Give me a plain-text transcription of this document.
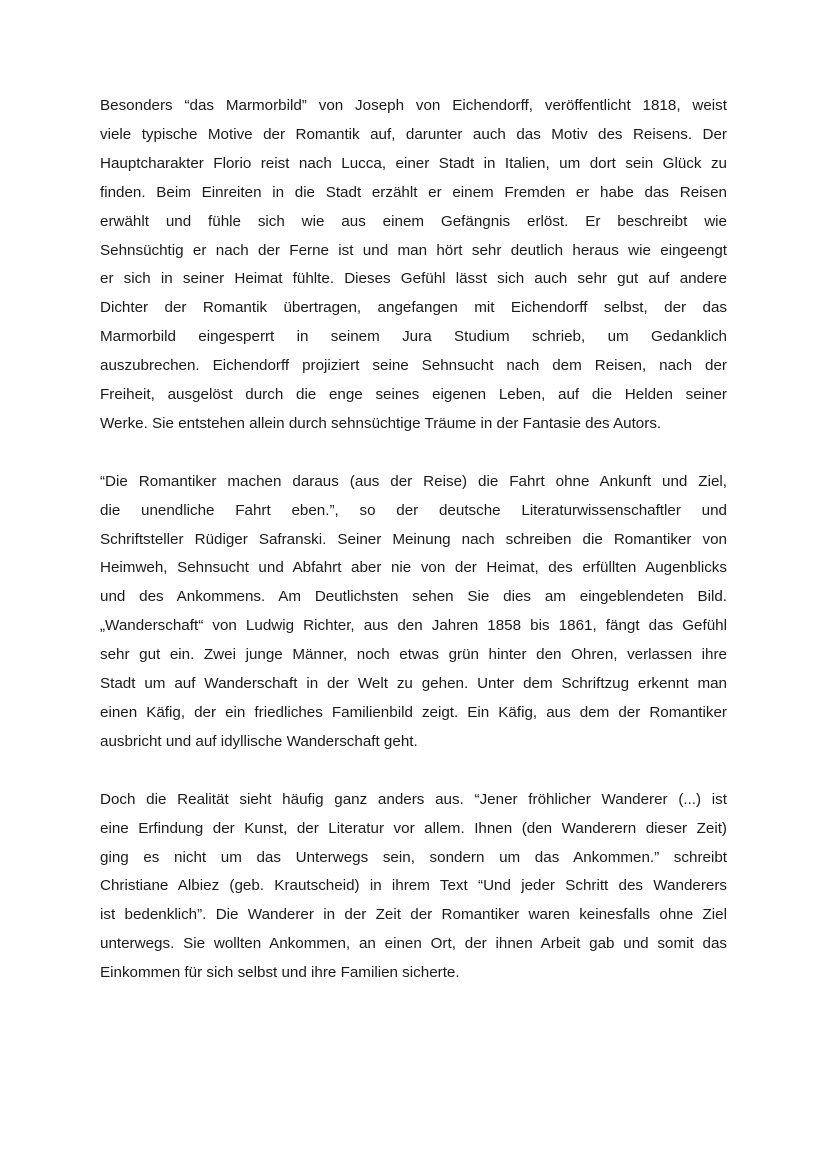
Besonders “das Marmorbild” von Joseph von Eichendorff, veröffentlicht 1818, weist
viele typische Motive der Romantik auf, darunter auch das Motiv des Reisens. Der
Hauptcharakter Florio reist nach Lucca, einer Stadt in Italien, um dort sein Glück zu
finden. Beim Einreiten in die Stadt erzählt er einem Fremden er habe das Reisen
erwählt und fühle sich wie aus einem Gefängnis erlöst. Er beschreibt wie
Sehnsüchtig er nach der Ferne ist und man hört sehr deutlich heraus wie eingeengt
er sich in seiner Heimat fühlte. Dieses Gefühl lässt sich auch sehr gut auf andere
Dichter der Romantik übertragen, angefangen mit Eichendorff selbst, der das
Marmorbild eingesperrt in seinem Jura Studium schrieb, um Gedanklich
auszubrechen. Eichendorff projiziert seine Sehnsucht nach dem Reisen, nach der
Freiheit, ausgelöst durch die enge seines eigenen Leben, auf die Helden seiner
Werke. Sie entstehen allein durch sehnsüchtige Träume in der Fantasie des Autors.

“Die Romantiker machen daraus (aus der Reise) die Fahrt ohne Ankunft und Ziel,
die unendliche Fahrt eben.”, so der deutsche Literaturwissenschaftler und
Schriftsteller Rüdiger Safranski. Seiner Meinung nach schreiben die Romantiker von
Heimweh, Sehnsucht und Abfahrt aber nie von der Heimat, des erfüllten Augenblicks
und des Ankommens. Am Deutlichsten sehen Sie dies am eingeblendeten Bild.
„Wanderschaft“ von Ludwig Richter, aus den Jahren 1858 bis 1861, fängt das Gefühl
sehr gut ein. Zwei junge Männer, noch etwas grün hinter den Ohren, verlassen ihre
Stadt um auf Wanderschaft in der Welt zu gehen. Unter dem Schriftzug erkennt man
einen Käfig, der ein friedliches Familienbild zeigt. Ein Käfig, aus dem der Romantiker
ausbricht und auf idyllische Wanderschaft geht.

Doch die Realität sieht häufig ganz anders aus. “Jener fröhlicher Wanderer (...) ist
eine Erfindung der Kunst, der Literatur vor allem. Ihnen (den Wanderern dieser Zeit)
ging es nicht um das Unterwegs sein, sondern um das Ankommen.” schreibt
Christiane Albiez (geb. Krautscheid) in ihrem Text “Und jeder Schritt des Wanderers
ist bedenklich”. Die Wanderer in der Zeit der Romantiker waren keinesfalls ohne Ziel
unterwegs. Sie wollten Ankommen, an einen Ort, der ihnen Arbeit gab und somit das
Einkommen für sich selbst und ihre Familien sicherte.
